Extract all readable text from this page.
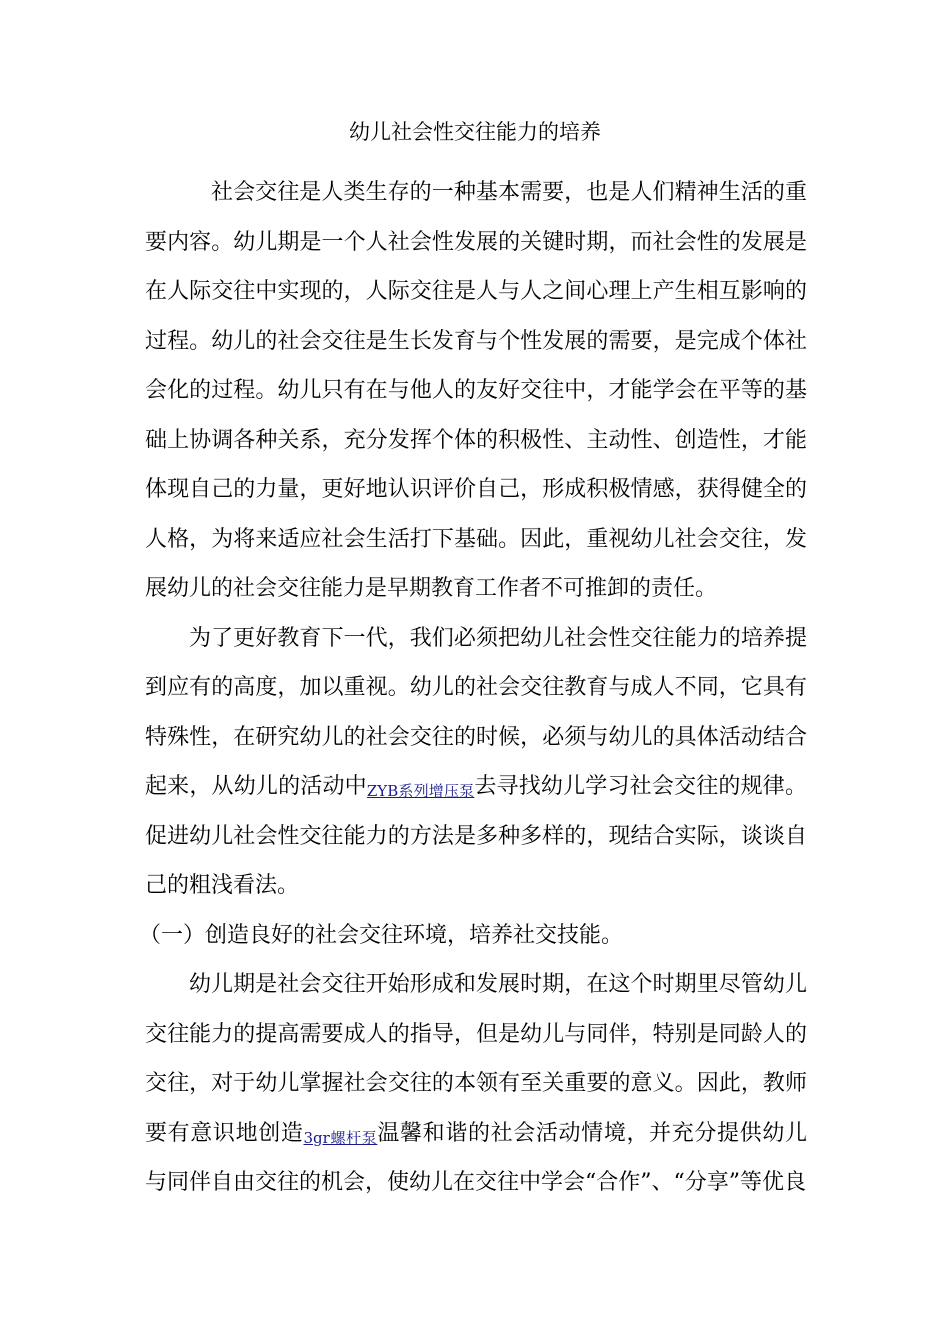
幼儿社会性交往能力的培养

社会交往是人类生存的一种基本需要，也是人们精神生活的重要内容。幼儿期是一个人社会性发展的关键时期，而社会性的发展是在人际交往中实现的，人际交往是人与人之间心理上产生相互影响的过程。幼儿的社会交往是生长发育与个性发展的需要，是完成个体社会化的过程。幼儿只有在与他人的友好交往中，才能学会在平等的基础上协调各种关系，充分发挥个体的积极性、主动性、创造性，才能体现自己的力量，更好地认识评价自己，形成积极情感，获得健全的人格，为将来适应社会生活打下基础。因此，重视幼儿社会交往，发展幼儿的社会交往能力是早期教育工作者不可推卸的责任。

为了更好教育下一代，我们必须把幼儿社会性交往能力的培养提到应有的高度，加以重视。幼儿的社会交往教育与成人不同，它具有特殊性，在研究幼儿的社会交往的时候，必须与幼儿的具体活动结合起来，从幼儿的活动中ZYB系列增压泵去寻找幼儿学习社会交往的规律。促进幼儿社会性交往能力的方法是多种多样的，现结合实际，谈谈自己的粗浅看法。

（一）创造良好的社会交往环境，培养社交技能。

幼儿期是社会交往开始形成和发展时期，在这个时期里尽管幼儿交往能力的提高需要成人的指导，但是幼儿与同伴，特别是同龄人的交往，对于幼儿掌握社会交往的本领有至关重要的意义。因此，教师要有意识地创造3gr螺杆泵温馨和谐的社会活动情境，并充分提供幼儿与同伴自由交往的机会，使幼儿在交往中学会“合作”、“分享”等优良
